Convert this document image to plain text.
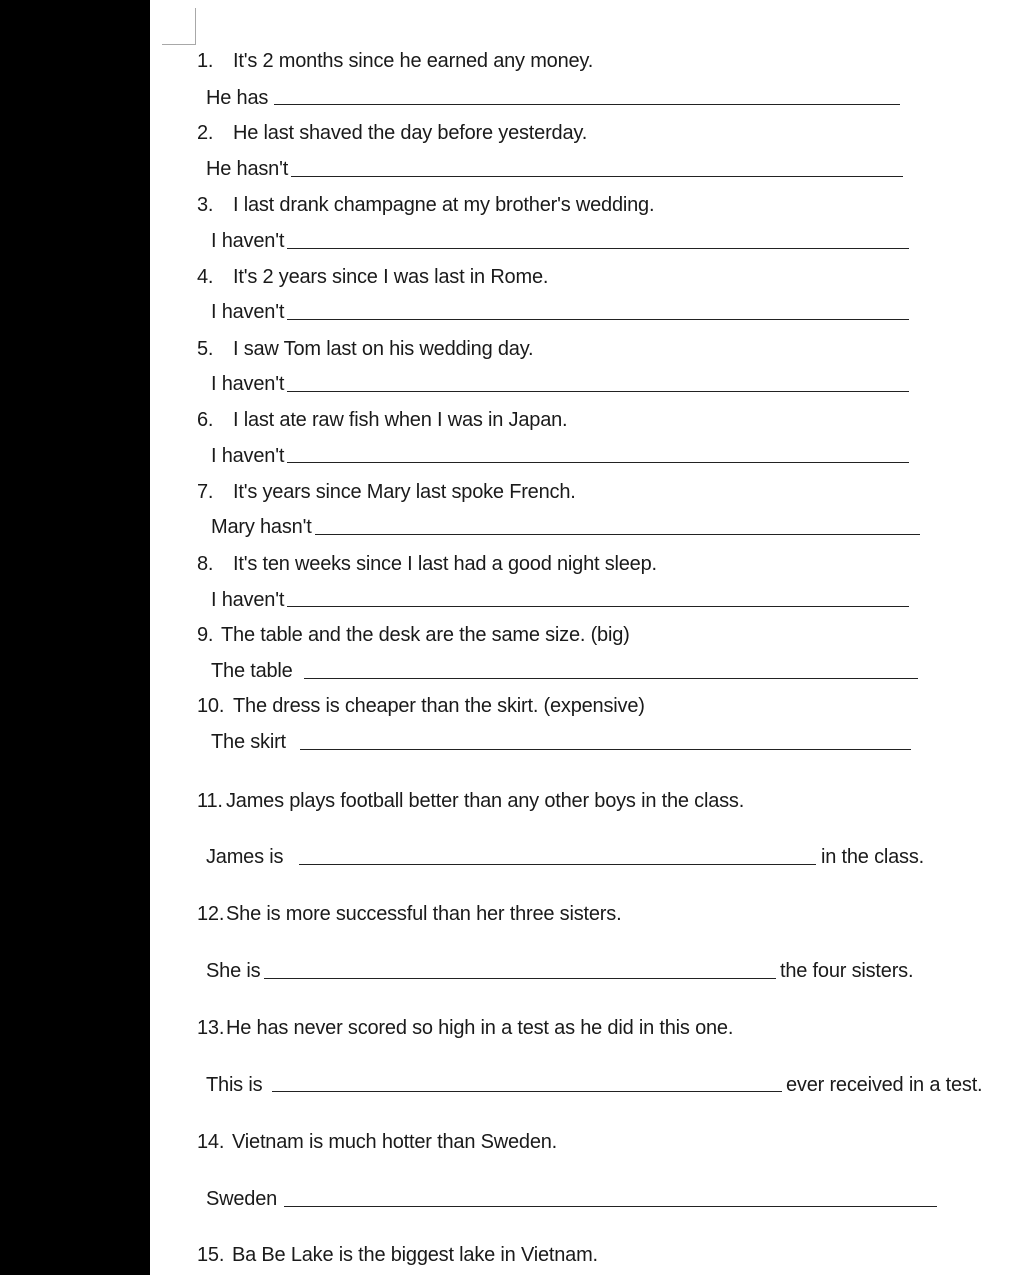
1. It's 2 months since he earned any money.
He has
2. He last shaved the day before yesterday.
He hasn't
3. I last drank champagne at my brother's wedding.
I haven't
4. It's 2 years since I was last in Rome.
I haven't
5. I saw Tom last on his wedding day.
I haven't
6. I last ate raw fish when I was in Japan.
I haven't
7. It's years since Mary last spoke French.
Mary hasn't
8. It's ten weeks since I last had a good night sleep.
I haven't
9. The table and the desk are the same size. (big)
The table
10. The dress is cheaper than the skirt. (expensive)
The skirt
11. James plays football better than any other boys in the class.
James is	in the class.
12.She is more successful than her three sisters.
She is	the four sisters.
13.He has never scored so high in a test as he did in this one.
This is	ever received in a test.
14. Vietnam is much hotter than Sweden.
Sweden
15. Ba Be Lake is the biggest lake in Vietnam.
